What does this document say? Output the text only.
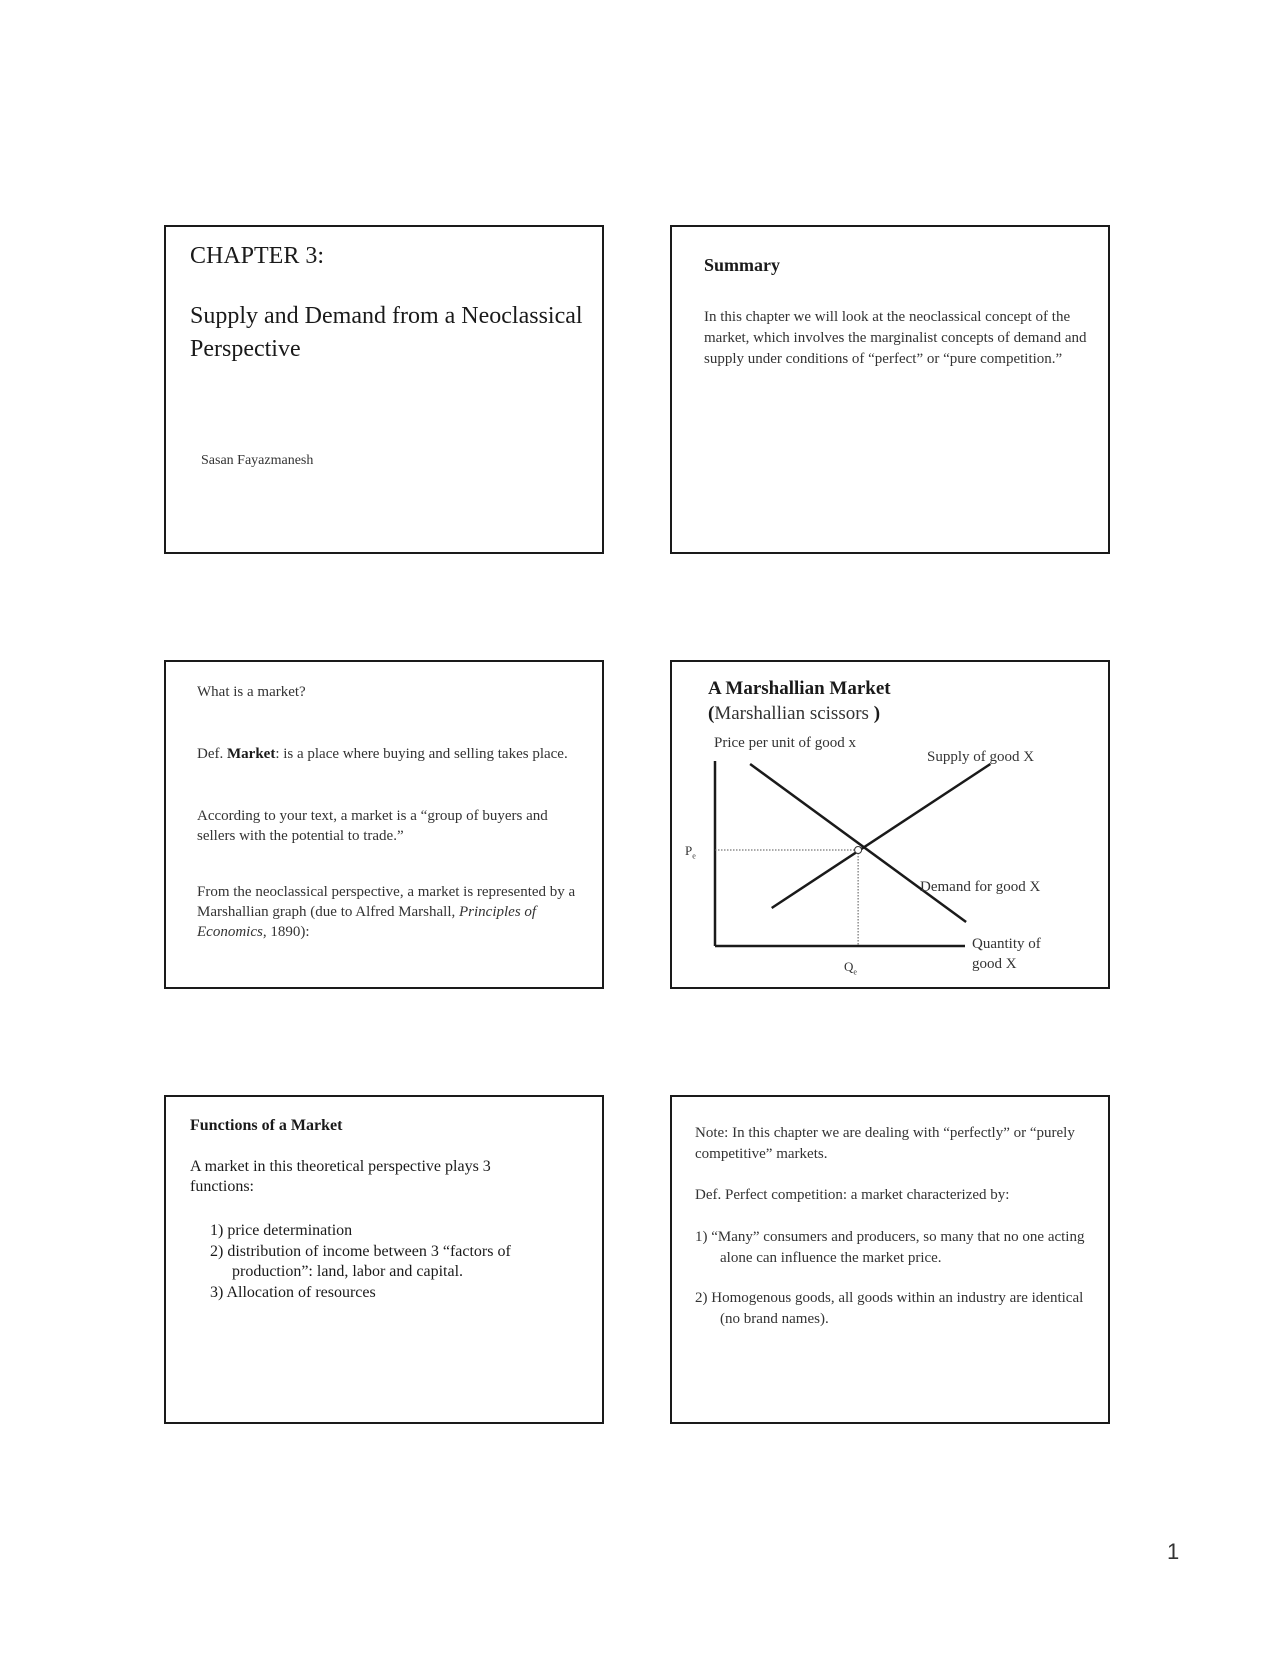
CHAPTER 3:
Supply and Demand from a Neoclassical Perspective
Sasan Fayazmanesh
Summary
In this chapter we will look at the neoclassical concept of the market, which involves the marginalist concepts of demand and supply under conditions of “perfect” or “pure competition.”
What is a market?
Def. Market: is a place where buying and selling takes place.
According to your text, a market is a “group of buyers and sellers with the potential to trade.”
From the neoclassical perspective, a market is represented by a Marshallian graph (due to Alfred Marshall, Principles of Economics, 1890):
A Marshallian Market
(Marshallian scissors )
Price per unit of good x
Supply of good X
Demand for good X
$P_e$
$Q_e$
Quantity of good X
Functions of a Market
A market in this theoretical perspective plays 3 functions:
1) price determination
2) distribution of income between 3 “factors of production”: land, labor and capital.
3) Allocation of resources
Note: In this chapter we are dealing with “perfectly” or “purely competitive” markets.
Def. Perfect competition: a market characterized by:
1) “Many” consumers and producers, so many that no one acting alone can influence the market price.
2) Homogenous goods, all goods within an industry are identical (no brand names).
1
